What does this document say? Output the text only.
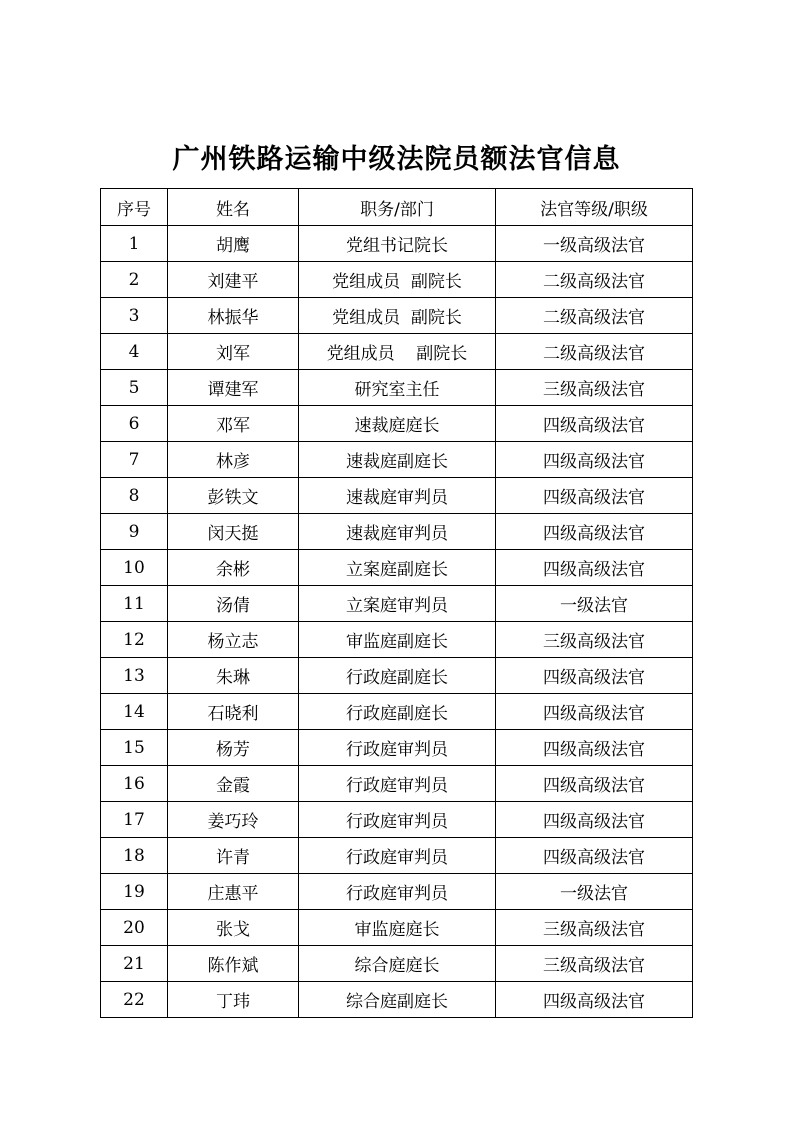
广州铁路运输中级法院员额法官信息
序号	姓名	职务/部门	法官等级/职级
1	胡鹰	党组书记院长	一级高级法官
2	刘建平	党组成员  副院长	二级高级法官
3	林振华	党组成员  副院长	二级高级法官
4	刘军	党组成员    副院长	二级高级法官
5	谭建军	研究室主任	三级高级法官
6	邓军	速裁庭庭长	四级高级法官
7	林彦	速裁庭副庭长	四级高级法官
8	彭铁文	速裁庭审判员	四级高级法官
9	闵天挺	速裁庭审判员	四级高级法官
10	余彬	立案庭副庭长	四级高级法官
11	汤倩	立案庭审判员	一级法官
12	杨立志	审监庭副庭长	三级高级法官
13	朱琳	行政庭副庭长	四级高级法官
14	石晓利	行政庭副庭长	四级高级法官
15	杨芳	行政庭审判员	四级高级法官
16	金霞	行政庭审判员	四级高级法官
17	姜巧玲	行政庭审判员	四级高级法官
18	许青	行政庭审判员	四级高级法官
19	庄惠平	行政庭审判员	一级法官
20	张戈	审监庭庭长	三级高级法官
21	陈作斌	综合庭庭长	三级高级法官
22	丁玮	综合庭副庭长	四级高级法官
